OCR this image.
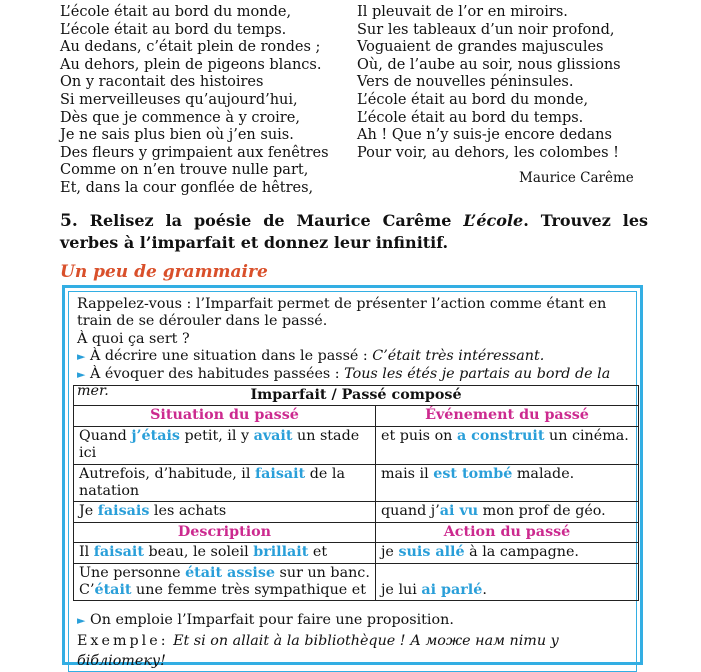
L’école était au bord du monde,
L’école était au bord du temps.
Au dedans, c’était plein de rondes ;
Au dehors, plein de pigeons blancs.
On y racontait des histoires
Si merveilleuses qu’aujourd’hui,
Dès que je commence à y croire,
Je ne sais plus bien où j’en suis.
Des fleurs y grimpaient aux fenêtres
Comme on n’en trouve nulle part,
Et, dans la cour gonflée de hêtres,
Il pleuvait de l’or en miroirs.
Sur les tableaux d’un noir profond,
Voguaient de grandes majuscules
Où, de l’aube au soir, nous glissions
Vers de nouvelles péninsules.
L’école était au bord du monde,
L’école était au bord du temps.
Ah ! Que n’y suis-je encore dedans
Pour voir, au dehors, les colombes !
Maurice Carême
5. Relisez la poésie de Maurice Carême L’école. Trouvez les verbes à l’imparfait et donnez leur infinitif.
Un peu de grammaire
Rappelez-vous : l’Imparfait permet de présenter l’action comme étant en train de se dérouler dans le passé.
À quoi ça sert ?
► À décrire une situation dans le passé : C’était très intéressant.
► À évoquer des habitudes passées : Tous les étés je partais au bord de la mer.	Imparfait / Passé composé	
Situation du passé	Événement du passé
Quand j’étais petit, il y avait un stade ici	et puis on a construit un cinéma.
Autrefois, d’habitude, il faisait de la natation	mais il est tombé malade.
Je faisais les achats	quand j’ai vu mon prof de géo.
Description	Action du passé
Il faisait beau, le soleil brillait et	je suis allé à la campagne.
Une personne était assise sur un banc. C’était une femme très sympathique et	je lui ai parlé.
► On emploie l’Imparfait pour faire une proposition.
Exemple: Et si on allait à la bibliothèque ! А може нам піти у бібліотеку!
